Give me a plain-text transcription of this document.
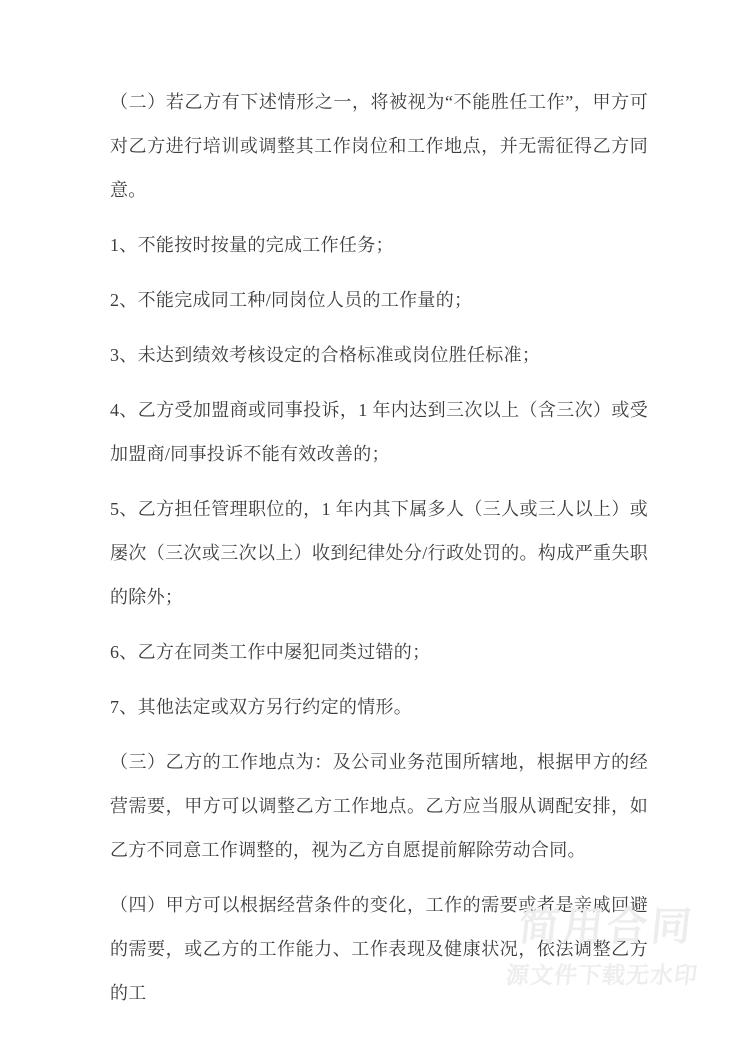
（二）若乙方有下述情形之一，将被视为“不能胜任工作”，甲方可对乙方进行培训或调整其工作岗位和工作地点，并无需征得乙方同意。

1、不能按时按量的完成工作任务；

2、不能完成同工种/同岗位人员的工作量的；

3、未达到绩效考核设定的合格标准或岗位胜任标准；

4、乙方受加盟商或同事投诉，1 年内达到三次以上（含三次）或受加盟商/同事投诉不能有效改善的；

5、乙方担任管理职位的，1 年内其下属多人（三人或三人以上）或屡次（三次或三次以上）收到纪律处分/行政处罚的。构成严重失职的除外；

6、乙方在同类工作中屡犯同类过错的；

7、其他法定或双方另行约定的情形。

（三）乙方的工作地点为：及公司业务范围所辖地，根据甲方的经营需要，甲方可以调整乙方工作地点。乙方应当服从调配安排，如乙方不同意工作调整的，视为乙方自愿提前解除劳动合同。

（四）甲方可以根据经营条件的变化，工作的需要或者是亲戚回避的需要，或乙方的工作能力、工作表现及健康状况，依法调整乙方的工

简用合同
源文件下载无水印
